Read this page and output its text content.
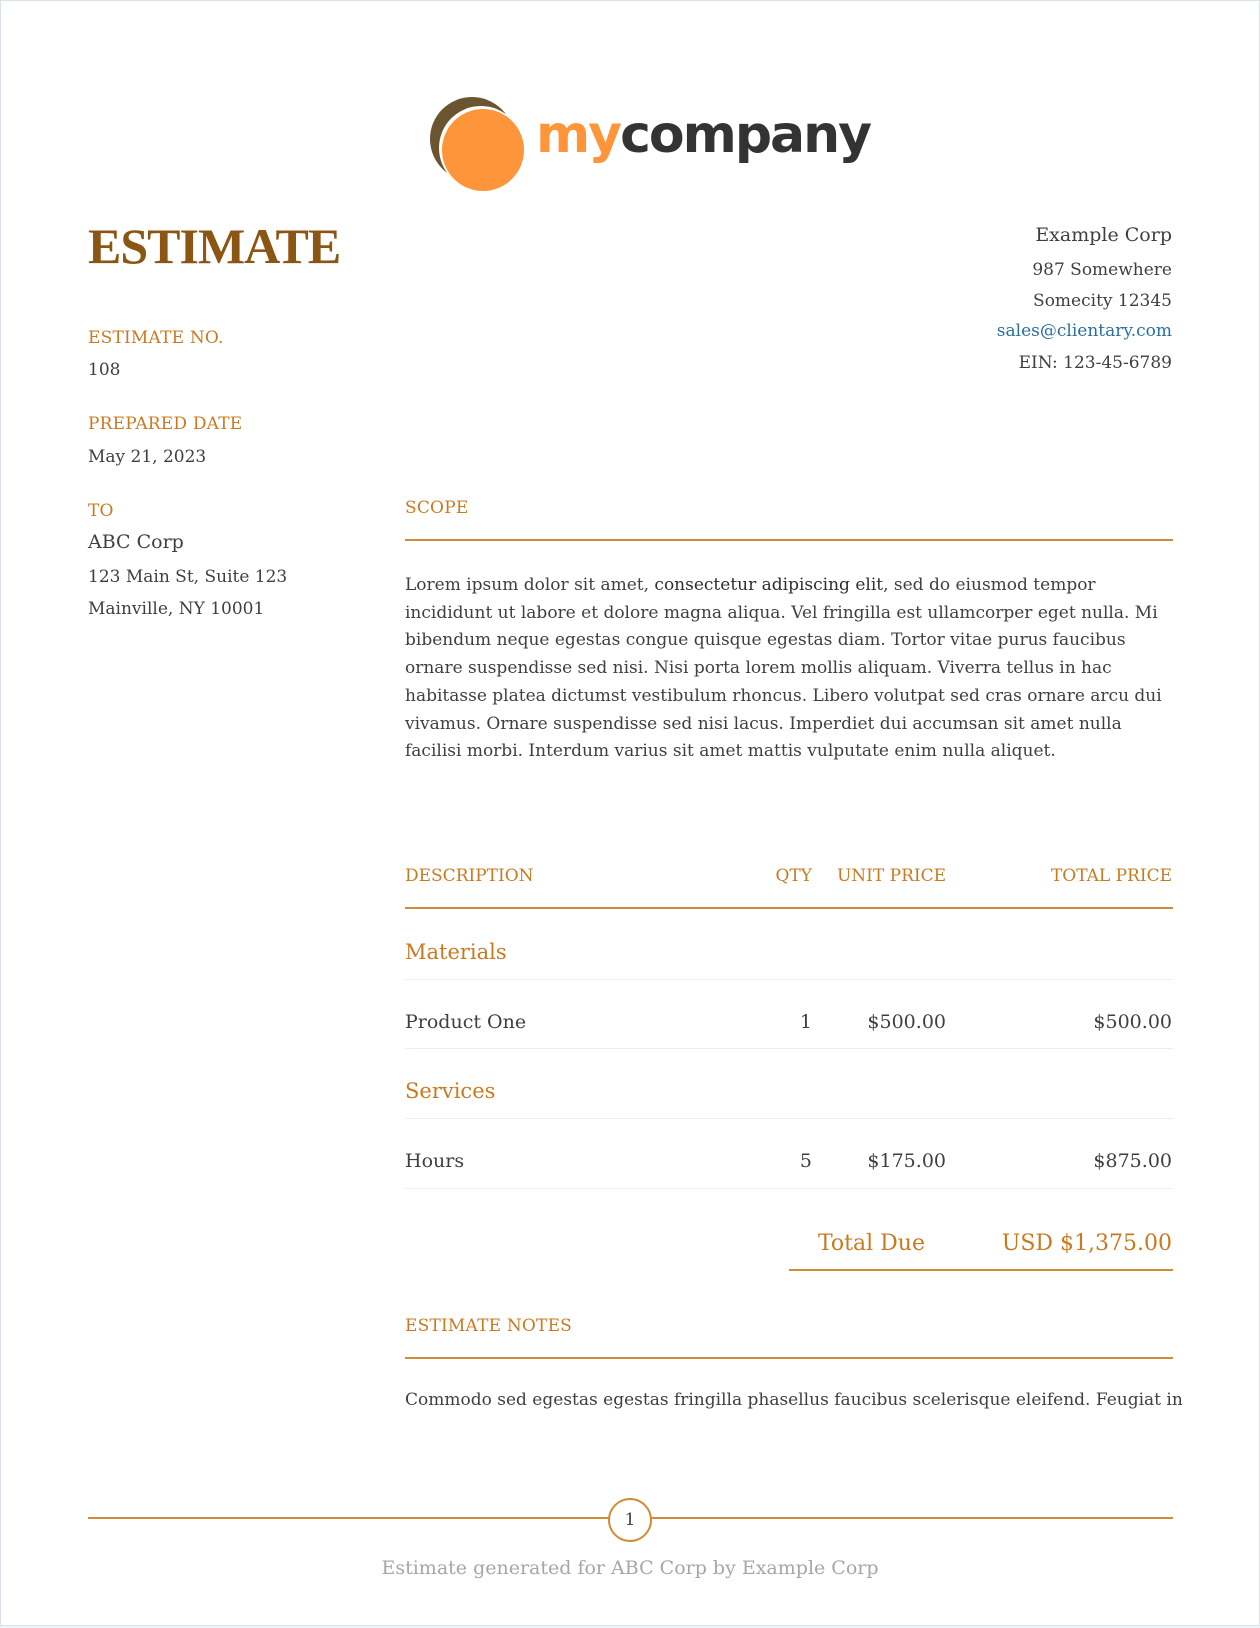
mycompany
ESTIMATE
ESTIMATE NO.
108
PREPARED DATE
May 21, 2023
TO
ABC Corp
123 Main St, Suite 123
Mainville, NY 10001
Example Corp
987 Somewhere
Somecity 12345
sales@clientary.com
EIN: 123-45-6789
SCOPE
Lorem ipsum dolor sit amet, consectetur adipiscing elit, sed do eiusmod tempor incididunt ut labore et dolore magna aliqua. Vel fringilla est ullamcorper eget nulla. Mi bibendum neque egestas congue quisque egestas diam. Tortor vitae purus faucibus ornare suspendisse sed nisi. Nisi porta lorem mollis aliquam. Viverra tellus in hac habitasse platea dictumst vestibulum rhoncus. Libero volutpat sed cras ornare arcu dui vivamus. Ornare suspendisse sed nisi lacus. Imperdiet dui accumsan sit amet nulla facilisi morbi. Interdum varius sit amet mattis vulputate enim nulla aliquet.
DESCRIPTION	QTY UNIT PRICE	TOTAL PRICE
Materials
Product One	1	$500.00	$500.00
Services
Hours	5	$175.00	$875.00
Total Due	USD $1,375.00
ESTIMATE NOTES
Commodo sed egestas egestas fringilla phasellus faucibus scelerisque eleifend. Feugiat in
1
Estimate generated for ABC Corp by Example Corp
